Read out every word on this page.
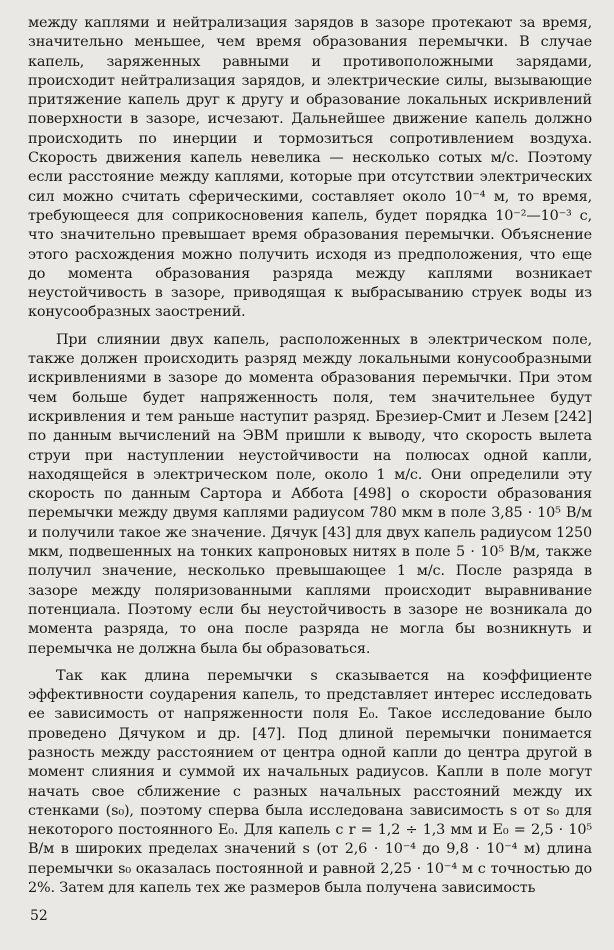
между каплями и нейтрализация зарядов в зазоре протекают за время, значительно меньшее, чем время образования перемычки. В случае капель, заряженных равными и противоположными зарядами, происходит нейтрализация зарядов, и электрические силы, вызывающие притяжение капель друг к другу и образование локальных искривлений поверхности в зазоре, исчезают. Дальнейшее движение капель должно происходить по инерции и тормозиться сопротивлением воздуха. Скорость движения капель невелика — несколько сотых м/с. Поэтому если расстояние между каплями, которые при отсутствии электрических сил можно считать сферическими, составляет около 10⁻⁴ м, то время, требующееся для соприкосновения капель, будет порядка 10⁻²—10⁻³ с, что значительно превышает время образования перемычки. Объяснение этого расхождения можно получить исходя из предположения, что еще до момента образования разряда между каплями возникает неустойчивость в зазоре, приводящая к выбрасыванию струек воды из конусообразных заострений.

При слиянии двух капель, расположенных в электрическом поле, также должен происходить разряд между локальными конусообразными искривлениями в зазоре до момента образования перемычки. При этом чем больше будет напряженность поля, тем значительнее будут искривления и тем раньше наступит разряд. Брезиер-Смит и Лезем [242] по данным вычислений на ЭВМ пришли к выводу, что скорость вылета струи при наступлении неустойчивости на полюсах одной капли, находящейся в электрическом поле, около 1 м/с. Они определили эту скорость по данным Сартора и Аббота [498] о скорости образования перемычки между двумя каплями радиусом 780 мкм в поле 3,85 · 10⁵ В/м и получили такое же значение. Дячук [43] для двух капель радиусом 1250 мкм, подвешенных на тонких капроновых нитях в поле 5 · 10⁵ В/м, также получил значение, несколько превышающее 1 м/с. После разряда в зазоре между поляризованными каплями происходит выравнивание потенциала. Поэтому если бы неустойчивость в зазоре не возникала до момента разряда, то она после разряда не могла бы возникнуть и перемычка не должна была бы образоваться.

Так как длина перемычки s сказывается на коэффициенте эффективности соударения капель, то представляет интерес исследовать ее зависимость от напряженности поля E₀. Такое исследование было проведено Дячуком и др. [47]. Под длиной перемычки понимается разность между расстоянием от центра одной капли до центра другой в момент слияния и суммой их начальных радиусов. Капли в поле могут начать свое сближение с разных начальных расстояний между их стенками (s₀), поэтому сперва была исследована зависимость s от s₀ для некоторого постоянного E₀. Для капель с r = 1,2 ÷ 1,3 мм и E₀ = 2,5 · 10⁵ В/м в широких пределах значений s (от 2,6 · 10⁻⁴ до 9,8 · 10⁻⁴ м) длина перемычки s₀ оказалась постоянной и равной 2,25 · 10⁻⁴ м с точностью до 2%. Затем для капель тех же размеров была получена зависимость

52
